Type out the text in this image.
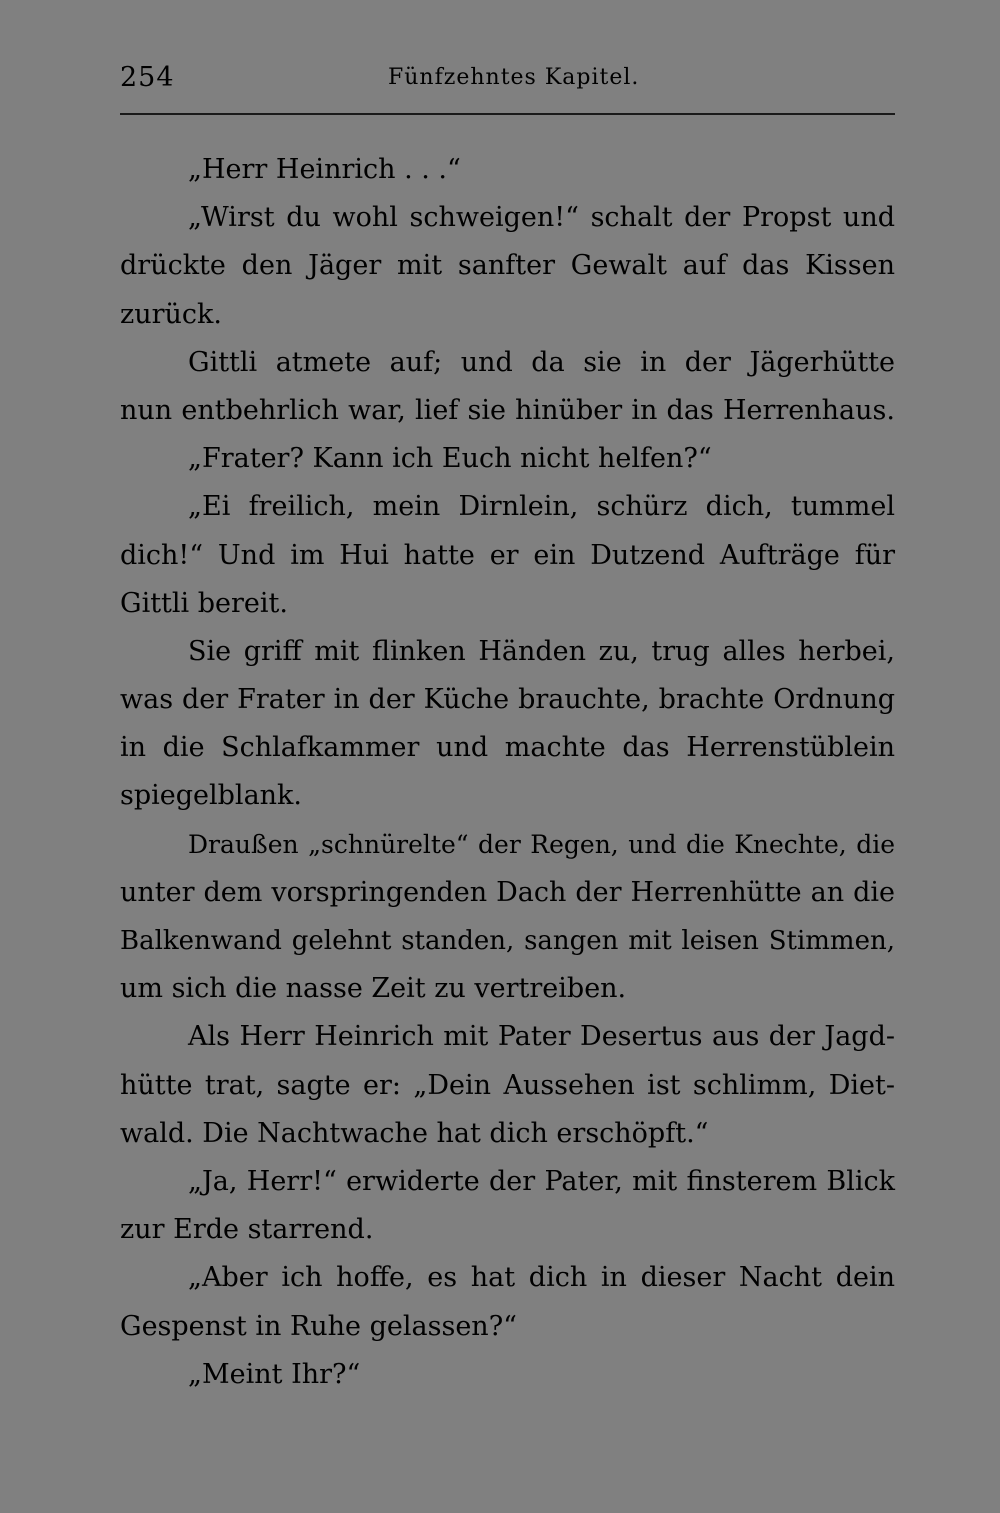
254	Fünfzehntes Kapitel.
„Herr Heinrich . . .“
„Wirst du wohl schweigen!“ schalt der Propst und
drückte den Jäger mit sanfter Gewalt auf das Kissen
zurück.
Gittli atmete auf; und da sie in der Jägerhütte
nun entbehrlich war, lief sie hinüber in das Herrenhaus.
„Frater? Kann ich Euch nicht helfen?“
„Ei freilich, mein Dirnlein, schürz dich, tummel
dich!“ Und im Hui hatte er ein Dutzend Aufträge für
Gittli bereit.
Sie griff mit flinken Händen zu, trug alles herbei,
was der Frater in der Küche brauchte, brachte Ordnung
in die Schlafkammer und machte das Herrenstüblein
spiegelblank.
Draußen „schnürelte“ der Regen, und die Knechte, die
unter dem vorspringenden Dach der Herrenhütte an die
Balkenwand gelehnt standen, sangen mit leisen Stimmen,
um sich die nasse Zeit zu vertreiben.
Als Herr Heinrich mit Pater Desertus aus der Jagd-
hütte trat, sagte er: „Dein Aussehen ist schlimm, Diet-
wald. Die Nachtwache hat dich erschöpft.“
„Ja, Herr!“ erwiderte der Pater, mit finsterem Blick
zur Erde starrend.
„Aber ich hoffe, es hat dich in dieser Nacht dein
Gespenst in Ruhe gelassen?“
„Meint Ihr?“
